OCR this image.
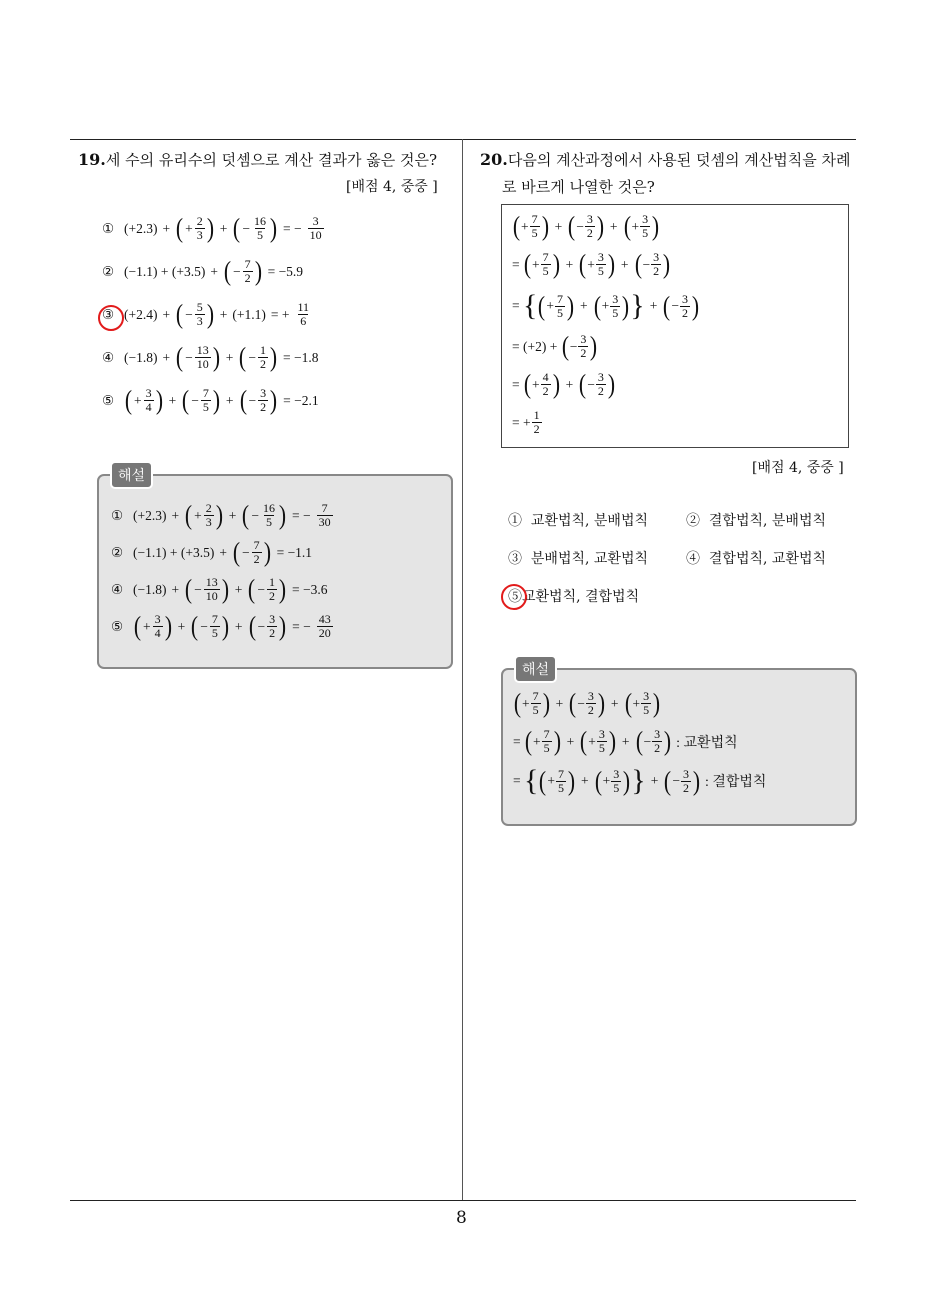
19.세 수의 유리수의 덧셈으로 계산 결과가 옳은 것은?
[배점 4, 중중 ]
① (+2.3) + ( + $\frac{2}{3}$ ) + ( − $\frac{16}{5}$ ) = − $\frac{3}{10}$
② (−1.1) + (+3.5) + ( − $\frac{7}{2}$ ) = −5.9
③ (+2.4) + ( − $\frac{5}{3}$ ) + (+1.1) = + $\frac{11}{6}$
④ (−1.8) + ( − $\frac{13}{10}$ ) + ( − $\frac{1}{2}$ ) = −1.8
⑤ ( + $\frac{3}{4}$ ) + ( − $\frac{7}{5}$ ) + ( − $\frac{3}{2}$ ) = −2.1
① (+2.3) + ( + $\frac{2}{3}$ ) + ( − $\frac{16}{5}$ ) = − $\frac{7}{30}$
② (−1.1) + (+3.5) + ( − $\frac{7}{2}$ ) = −1.1
④ (−1.8) + ( − $\frac{13}{10}$ ) + ( − $\frac{1}{2}$ ) = −3.6
⑤ ( + $\frac{3}{4}$ ) + ( − $\frac{7}{5}$ ) + ( − $\frac{3}{2}$ ) = − $\frac{43}{20}$
해설
20.다음의 계산과정에서 사용된 덧셈의 계산법칙을 차례
로 바르게 나열한 것은?
( + $\frac{7}{5}$ ) + ( − $\frac{3}{2}$ ) + ( + $\frac{3}{5}$ )
=
( + $\frac{7}{5}$ ) + ( + $\frac{3}{5}$ ) + ( − $\frac{3}{2}$ )
=
{ ( + $\frac{7}{5}$ ) + ( + $\frac{3}{5}$ ) } + ( − $\frac{3}{2}$ )
= (+2) +
( − $\frac{3}{2}$ )
=
( + $\frac{4}{2}$ ) + ( − $\frac{3}{2}$ )
= + $\frac{1}{2}$
[배점 4, 중중 ]
① 교환법칙, 분배법칙	② 결합법칙, 분배법칙
③ 분배법칙, 교환법칙	④ 결합법칙, 교환법칙
⑤교환법칙, 결합법칙
( + $\frac{7}{5}$ ) + ( − $\frac{3}{2}$ ) + ( + $\frac{3}{5}$ )
=
( + $\frac{7}{5}$ ) + ( + $\frac{3}{5}$ ) + ( − $\frac{3}{2}$ ) : 교환법칙
=
{ ( + $\frac{7}{5}$ ) + ( + $\frac{3}{5}$ ) } + ( − $\frac{3}{2}$ ) : 결합법칙
해설
8
